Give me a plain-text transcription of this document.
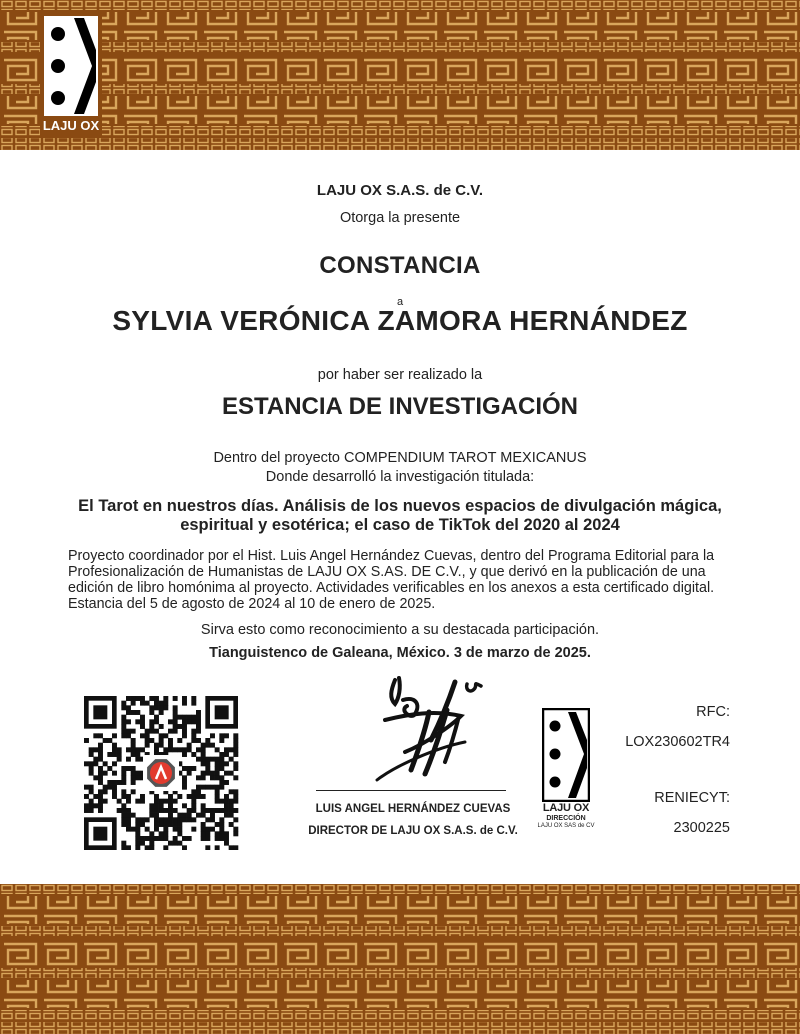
LAJU OX
LAJU OX S.A.S. de C.V.
Otorga la presente
CONSTANCIA
a
SYLVIA VERÓNICA ZAMORA HERNÁNDEZ
por haber ser realizado la
ESTANCIA DE INVESTIGACIÓN
Dentro del proyecto COMPENDIUM TAROT MEXICANUS
Donde desarrolló la investigación titulada:
El Tarot en nuestros días. Análisis de los nuevos espacios de divulgación mágica, espiritual y esotérica; el caso de TikTok del 2020 al 2024
Proyecto coordinador por el Hist. Luis Angel Hernández Cuevas, dentro del Programa Editorial para la Profesionalización de Humanistas de LAJU OX S.AS. DE C.V., y que derivó en la publicación de una edición de libro homónima al proyecto. Actividades verificables en los anexos a esta certificado digital. Estancia del 5 de agosto de 2024 al 10 de enero de 2025.
Sirva esto como reconocimiento a su destacada participación.
Tianguistenco de Galeana, México. 3 de marzo de 2025.
LUIS ANGEL HERNÁNDEZ CUEVAS
DIRECTOR DE LAJU OX S.A.S. de C.V.
LAJU OX
DIRECCIÓN
LAJU OX SAS de CV
RFC:
LOX230602TR4
RENIECYT:
2300225
